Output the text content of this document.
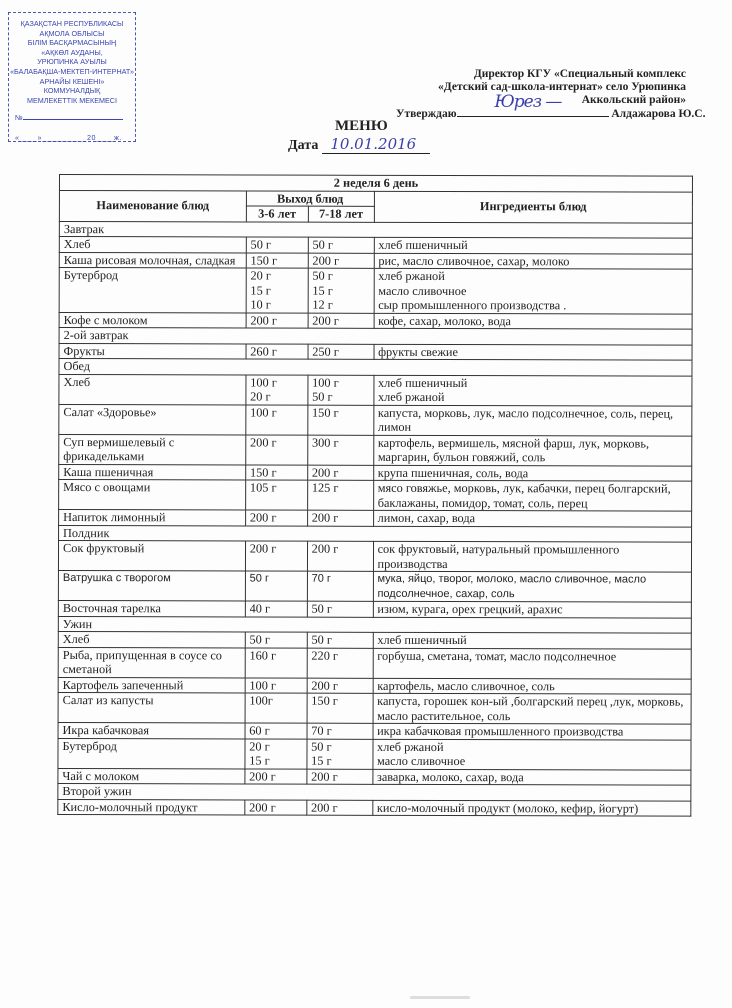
ҚАЗАҚСТАН РЕСПУБЛИКАСЫ
АҚМОЛА ОБЛЫСЫ
БІЛІМ БАСҚАРМАСЫНЫҢ
«АҚКӨЛ АУДАНЫ,
УРЮПИНКА АУЫЛЫ
«БАЛАБАҚША-МЕКТЕП-ИНТЕРНАТ»
АРНАЙЫ КЕШЕНІ»
КОММУНАЛДЫҚ
МЕМЛЕКЕТТІК МЕКЕМЕСІ
№
«____»__________20____ж.
Директор КГУ «Специальный комплекс
«Детский сад-школа-интернат» село Урюпинка
Аккольский район»
Утверждаю
Юрез —
Алдажарова Ю.С.
МЕНЮ
Дата 10.01.2016
2 неделя 6 день			
Наименование блюд	Выход блюд		Ингредиенты блюд
	3-6 лет	7-18 лет	
Завтрак			
Хлеб	50 г	50 г	хлеб пшеничный

Каша рисовая молочная, сладкая	150 г	200 г	рис, масло сливочное, сахар, молоко

Бутерброд	20 г
15 г
10 г	50 г
15 г
12 г	хлеб ржаной
масло сливочное
сыр промышленного производства .

Кофе с молоком	200 г	200 г	кофе, сахар, молоко, вода

2-ой завтрак			
Фрукты	260 г	250 г	фрукты свежие

Обед			
Хлеб	100 г
20 г	100 г
50 г	хлеб пшеничный
хлеб ржаной

Салат «Здоровье»	100 г	150 г	капуста, морковь, лук, масло подсолнечное, соль, перец, лимон

Суп вермишелевый с фрикадельками	200 г	300 г	картофель, вермишель, мясной фарш, лук, морковь, маргарин, бульон говяжий, соль

Каша пшеничная	150 г	200 г	крупа пшеничная, соль, вода

Мясо с овощами	105 г	125 г	мясо говяжье, морковь, лук, кабачки, перец болгарский, баклажаны, помидор, томат, соль, перец

Напиток лимонный	200 г	200 г	лимон, сахар, вода

Полдник			
Сок фруктовый	200 г	200 г	сок фруктовый, натуральный промышленного производства

Ватрушка с творогом	50 г	70 г	мука, яйцо, творог, молоко, масло сливочное, масло подсолнечное, сахар, соль

Восточная тарелка	40 г	50 г	изюм, курага, орех грецкий, арахис

Ужин			
Хлеб	50 г	50 г	хлеб пшеничный

Рыба, припущенная в соусе со сметаной	160 г	220 г	горбуша, сметана, томат, масло подсолнечное

Картофель запеченный	100 г	200 г	картофель, масло сливочное, соль

Салат из капусты	100г	150 г	капуста, горошек кон-ый ,болгарский перец ,лук, морковь, масло растительное, соль

Икра кабачковая	60 г	70 г	икра кабачковая промышленного производства

Бутерброд	20 г
15 г	50 г
15 г	хлеб ржаной
масло сливочное

Чай с молоком	200 г	200 г	заварка, молоко, сахар, вода

Второй ужин			
Кисло-молочный продукт	200 г	200 г	кисло-молочный продукт (молоко, кефир, йогурт)
